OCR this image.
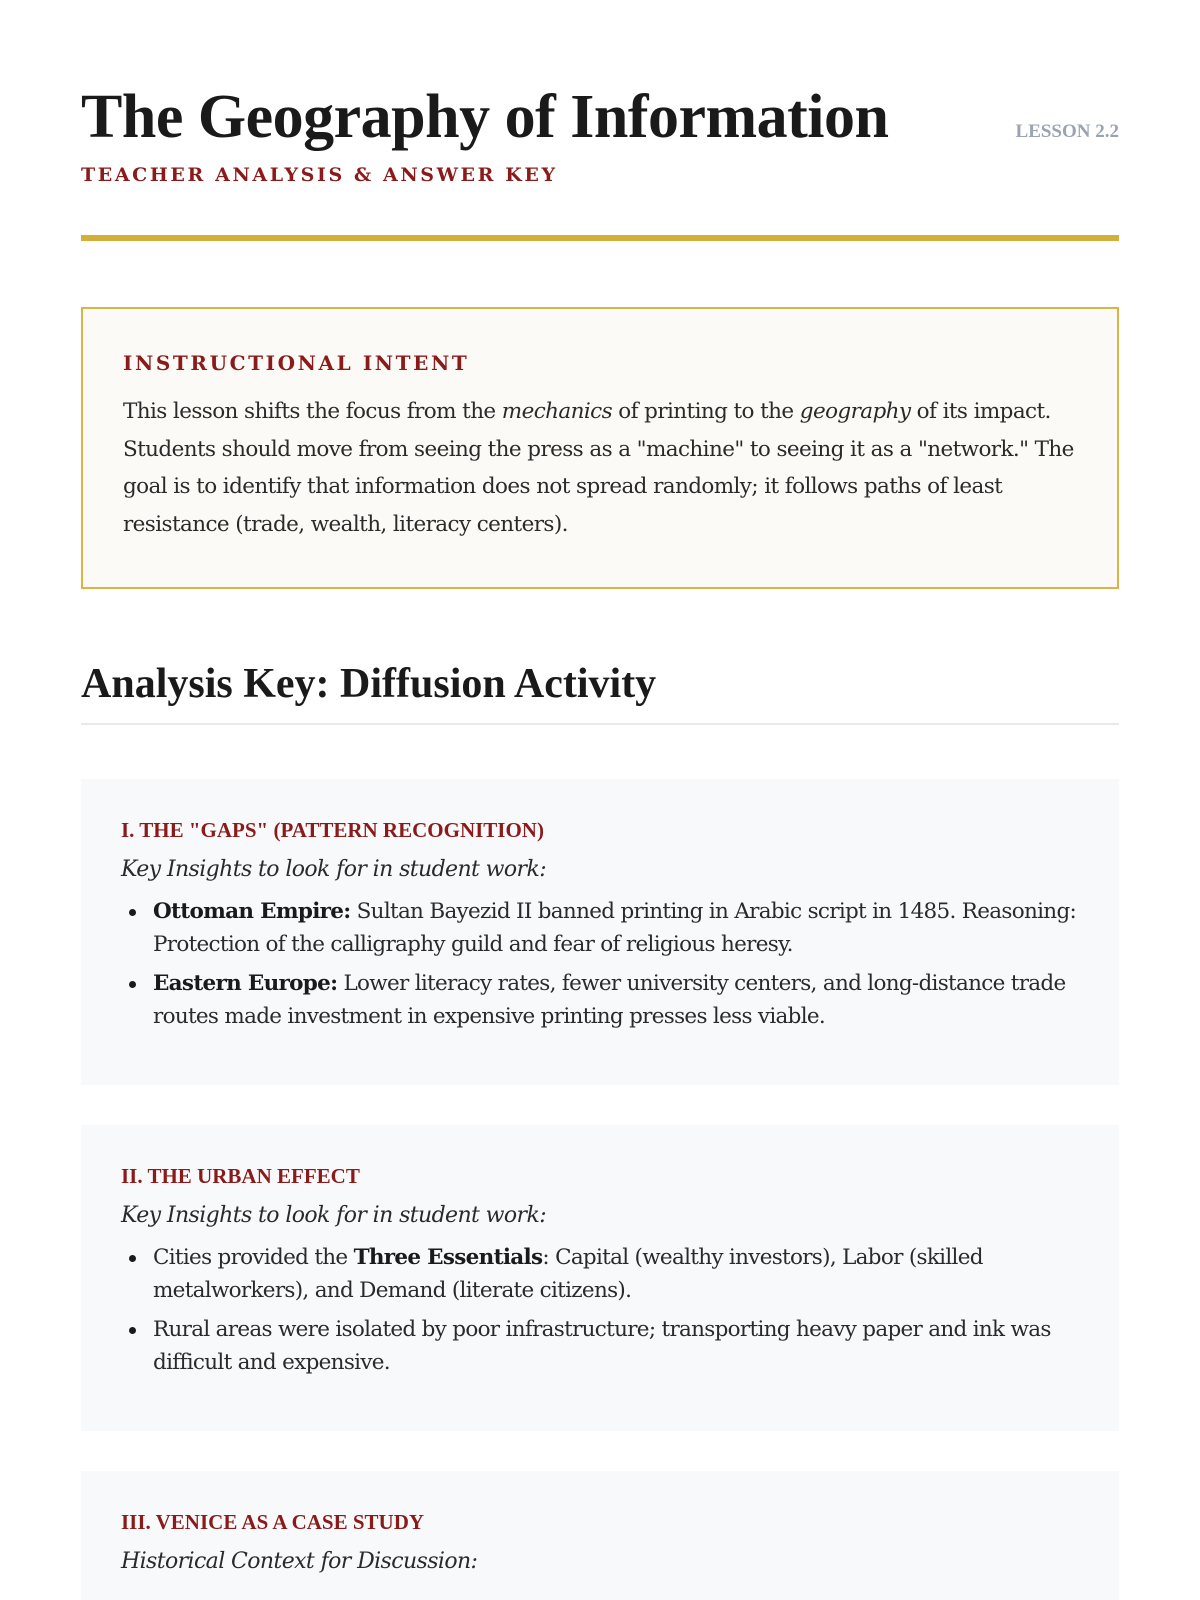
The Geography of Information
TEACHER ANALYSIS & ANSWER KEY
LESSON 2.2
INSTRUCTIONAL INTENT

This lesson shifts the focus from the mechanics of printing to the geography of its impact. Students should move from seeing the press as a "machine" to seeing it as a "network." The goal is to identify that information does not spread randomly; it follows paths of least resistance (trade, wealth, literacy centers).

Analysis Key: Diffusion Activity
I. THE "GAPS" (PATTERN RECOGNITION)
Key Insights to look for in student work:
Ottoman Empire: Sultan Bayezid II banned printing in Arabic script in 1485. Reasoning: Protection of the calligraphy guild and fear of religious heresy.
Eastern Europe: Lower literacy rates, fewer university centers, and long-distance trade routes made investment in expensive printing presses less viable.
II. THE URBAN EFFECT
Key Insights to look for in student work:
Cities provided the Three Essentials: Capital (wealthy investors), Labor (skilled metalworkers), and Demand (literate citizens).
Rural areas were isolated by poor infrastructure; transporting heavy paper and ink was difficult and expensive.
III. VENICE AS A CASE STUDY
Historical Context for Discussion:
